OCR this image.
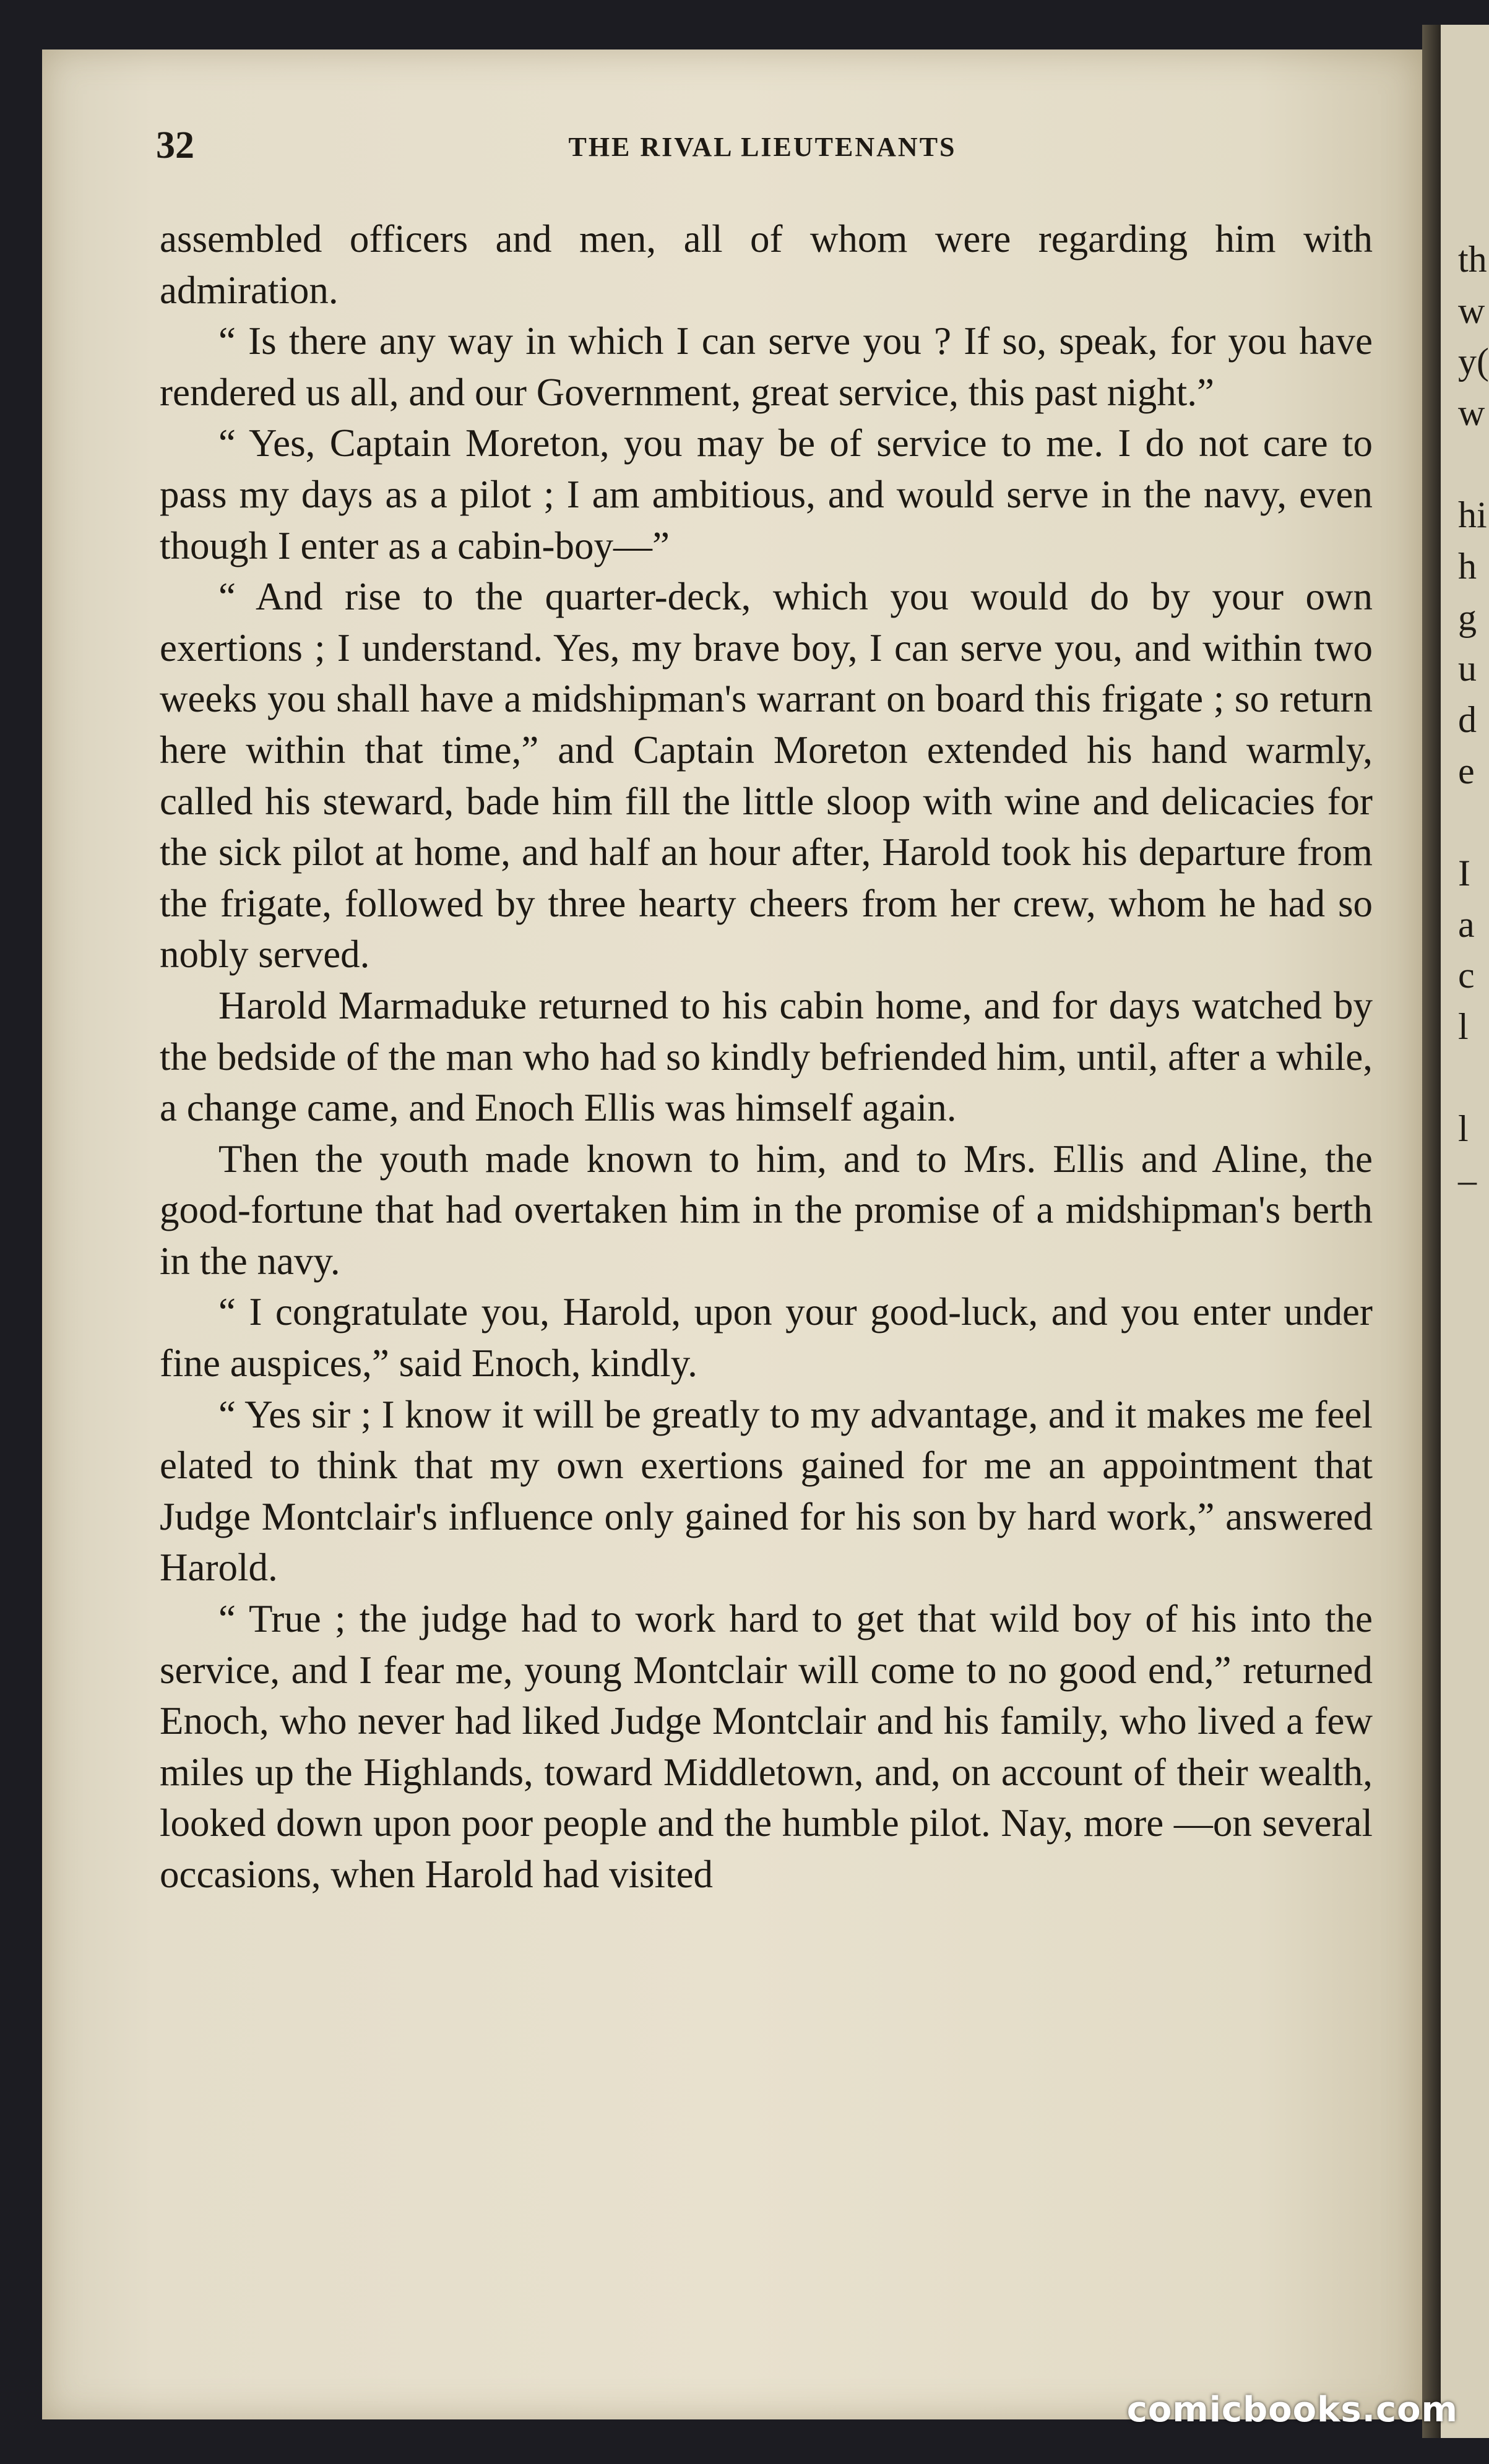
th
w
y(
w
hi
h
g
u
d
e
I
a
c
l
l
–
32	THE RIVAL LIEUTENANTS

assembled officers and men, all of whom were regarding him with admiration.

“ Is there any way in which I can serve you ? If so, speak, for you have rendered us all, and our Government, great service, this past night.”

“ Yes, Captain Moreton, you may be of service to me. I do not care to pass my days as a pilot ; I am ambitious, and would serve in the navy, even though I enter as a cabin-boy—”

“ And rise to the quarter-deck, which you would do by your own exertions ; I understand. Yes, my brave boy, I can serve you, and within two weeks you shall have a midshipman's warrant on board this frigate ; so return here within that time,” and Captain Moreton extended his hand warmly, called his steward, bade him fill the little sloop with wine and delicacies for the sick pilot at home, and half an hour after, Harold took his departure from the frigate, followed by three hearty cheers from her crew, whom he had so nobly served.

Harold Marmaduke returned to his cabin home, and for days watched by the bedside of the man who had so kindly befriended him, until, after a while, a change came, and Enoch Ellis was himself again.

Then the youth made known to him, and to Mrs. Ellis and Aline, the good-fortune that had overtaken him in the promise of a midshipman's berth in the navy.

“ I congratulate you, Harold, upon your good-luck, and you enter under fine auspices,” said Enoch, kindly.

“ Yes sir ; I know it will be greatly to my advantage, and it makes me feel elated to think that my own exertions gained for me an appointment that Judge Montclair's influence only gained for his son by hard work,” answered Harold.

“ True ; the judge had to work hard to get that wild boy of his into the service, and I fear me, young Montclair will come to no good end,” returned Enoch, who never had liked Judge Montclair and his family, who lived a few miles up the Highlands, toward Middletown, and, on account of their wealth, looked down upon poor people and the humble pilot. Nay, more —on several occasions, when Harold had visited

comicbooks.com
